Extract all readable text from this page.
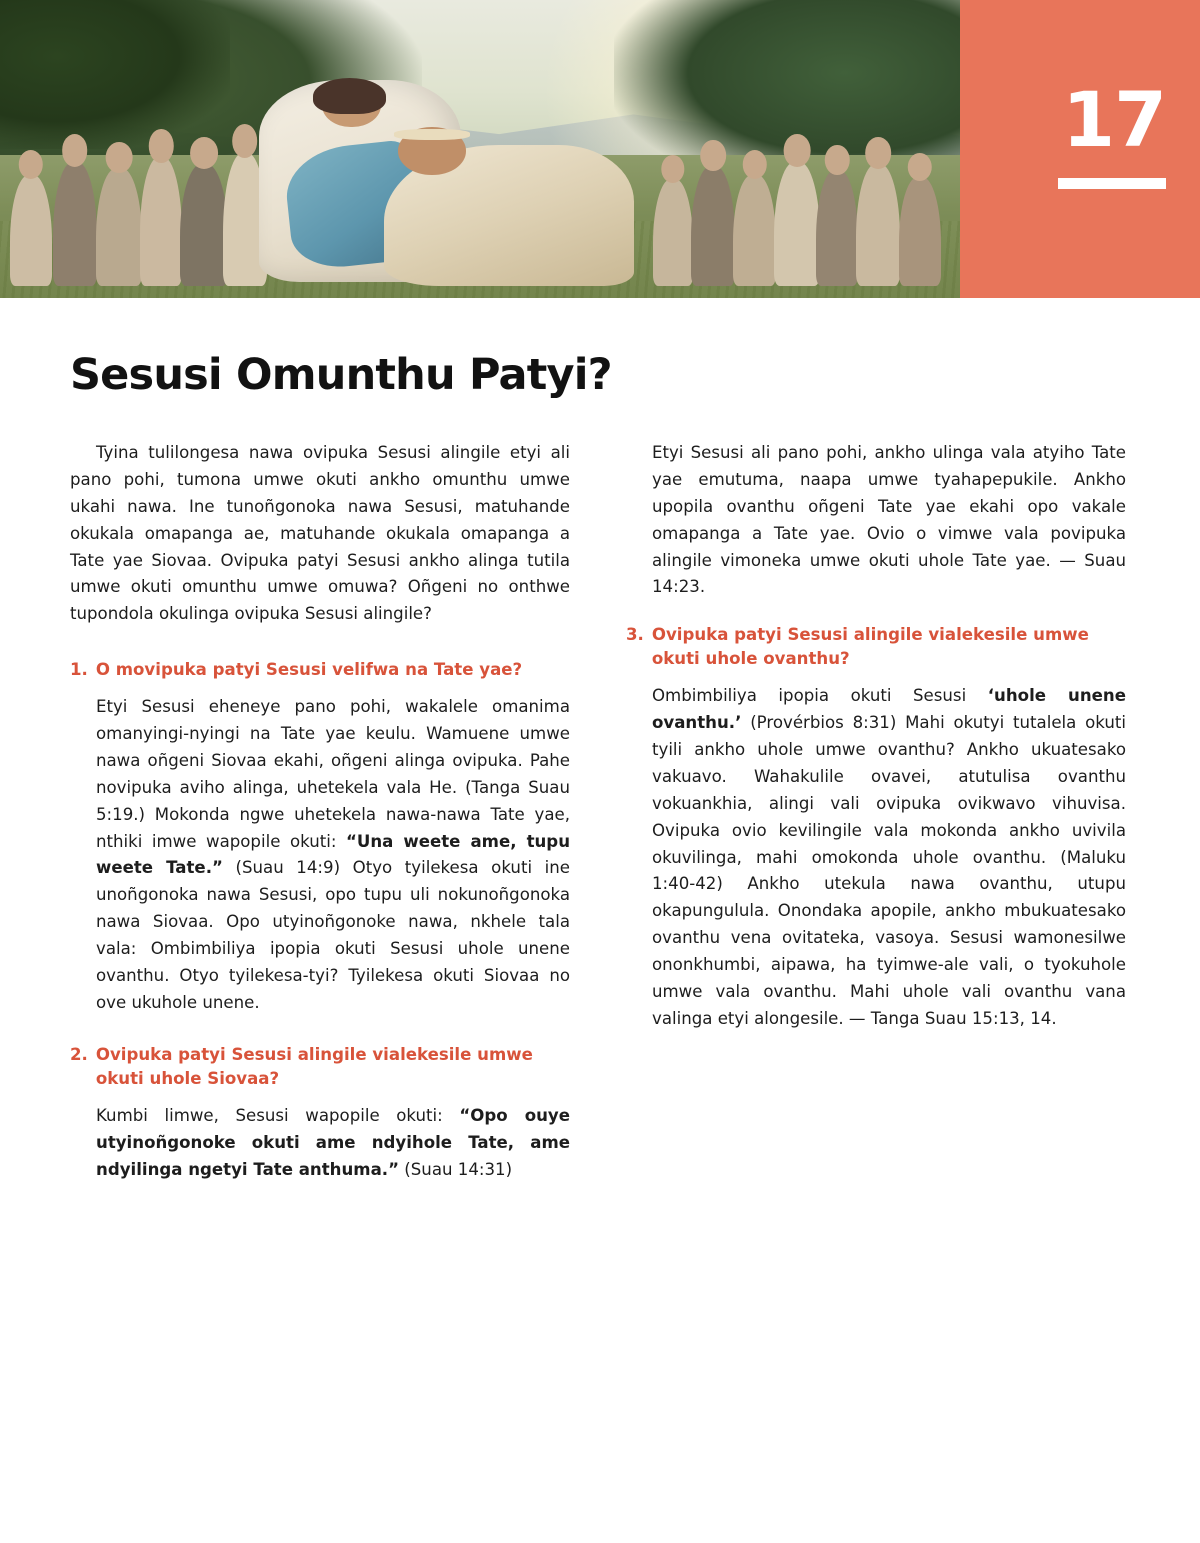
17
Sesusi Omunthu Patyi?

Tyina tulilongesa nawa ovipuka Sesusi alingile etyi ali pano pohi, tumona umwe okuti ankho omunthu umwe ukahi nawa. Ine tunoñgonoka nawa Sesusi, matuhande okukala omapanga ae, matuhande okukala omapanga a Tate yae Siovaa. Ovipuka patyi Sesusi ankho alinga tutila umwe okuti omunthu umwe omuwa? Oñgeni no onthwe tupondola okulinga ovipuka Sesusi alingile?

1. O movipuka patyi Sesusi velifwa na Tate yae?

Etyi Sesusi eheneye pano pohi, wakalele omanima omanyingi-nyingi na Tate yae keulu. Wamuene umwe nawa oñgeni Siovaa ekahi, oñgeni alinga ovipuka. Pahe novipuka aviho alinga, uhetekela vala He. (Tanga Suau 5:19.) Mokonda ngwe uhetekela nawa-nawa Tate yae, nthiki imwe wapopile okuti: “Una weete ame, tupu weete Tate.” (Suau 14:9) Otyo tyilekesa okuti ine unoñgonoka nawa Sesusi, opo tupu uli nokunoñgonoka nawa Siovaa. Opo utyinoñgonoke nawa, nkhele tala vala: Ombimbiliya ipopia okuti Sesusi uhole unene ovanthu. Otyo tyilekesa-tyi? Tyilekesa okuti Siovaa no ove ukuhole unene.

2. Ovipuka patyi Sesusi alingile vialekesile umwe okuti uhole Siovaa?

Kumbi limwe, Sesusi wapopile okuti: “Opo ouye utyinoñgonoke okuti ame ndyihole Tate, ame ndyilinga ngetyi Tate anthuma.” (Suau 14:31)

Etyi Sesusi ali pano pohi, ankho ulinga vala atyiho Tate yae emutuma, naapa umwe tyahapepukile. Ankho upopila ovanthu oñgeni Tate yae ekahi opo vakale omapanga a Tate yae. Ovio o vimwe vala povipuka alingile vimoneka umwe okuti uhole Tate yae. — Suau 14:23.

3. Ovipuka patyi Sesusi alingile vialekesile umwe okuti uhole ovanthu?

Ombimbiliya ipopia okuti Sesusi ‘uhole unene ovanthu.’ (Provérbios 8:31) Mahi okutyi tutalela okuti tyili ankho uhole umwe ovanthu? Ankho ukuatesako vakuavo. Wahakulile ovavei, atutulisa ovanthu vokuankhia, alingi vali ovipuka ovikwavo vihuvisa. Ovipuka ovio kevilingile vala mokonda ankho uvivila okuvilinga, mahi omokonda uhole ovanthu. (Maluku 1:40-42) Ankho utekula nawa ovanthu, utupu okapungulula. Onondaka apopile, ankho mbukuatesako ovanthu vena ovitateka, vasoya. Sesusi wamonesilwe ononkhumbi, aipawa, ha tyimwe-ale vali, o tyokuhole umwe vala ovanthu. Mahi uhole vali ovanthu vana valinga etyi alongesile. — Tanga Suau 15:13, 14.
